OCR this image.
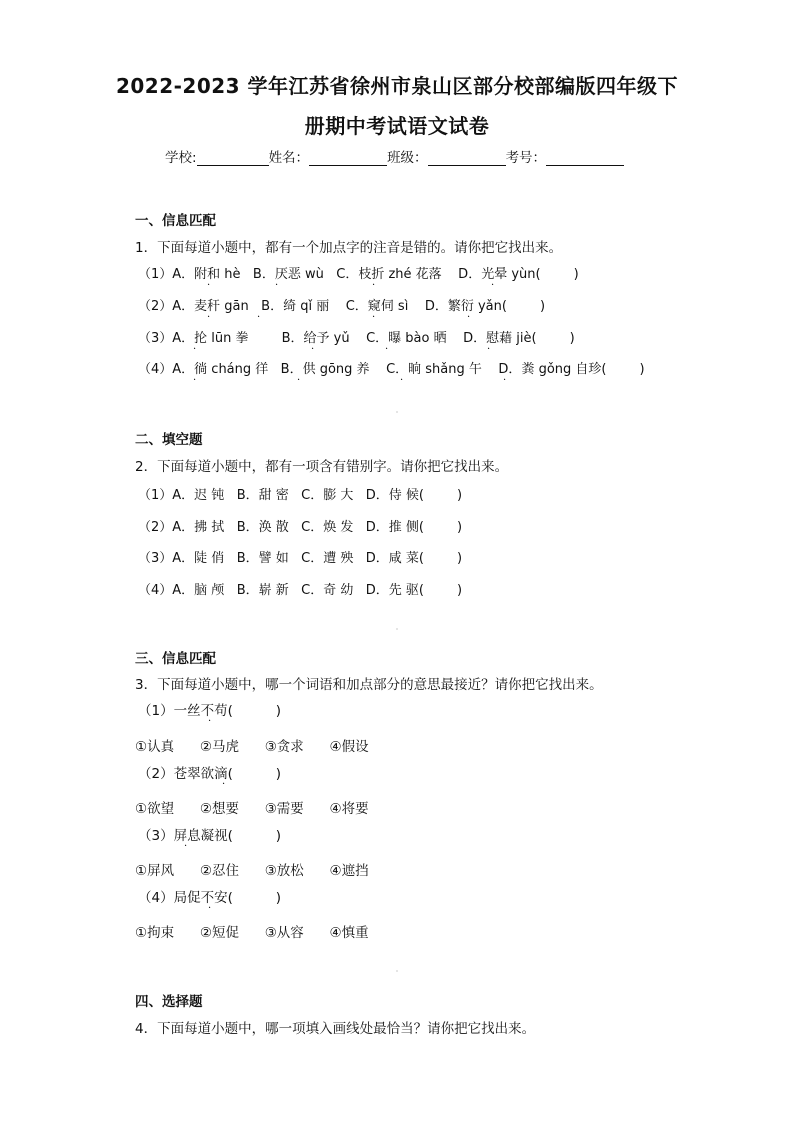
2022-2023 学年江苏省徐州市泉山区部分校部编版四年级下
册期中考试语文试卷
学校:	姓名：	班级：	考号：
一、信息匹配
1．下面每道小题中，都有一个加点字的注音是错的。请你把它找出来。
（1）A．附和 hè   B．厌恶 wù   C．枝折 zhé 花落    D．光晕 yùn(        )
（2）A．麦秆 gān   B．绮 qǐ 丽    C．窥伺 sì    D．繁衍 yǎn(        )
（3）A．抡 lūn 拳        B．给予 yǔ    C．曝 bào 晒    D．慰藉 jiè(        )
（4）A．徜 cháng 徉   B．供 gōng 养    C．晌 shǎng 午    D．粪 gǒng 自珍(        )
·	·	·	·
·	·	·	·
·	·	·	·
·	·	·	·
二、填空题
2．下面每道小题中，都有一项含有错别字。请你把它找出来。
（1）A．迟 钝   B．甜 密   C．膨 大   D．侍 候(        )
（2）A．拂 拭   B．涣 散   C．焕 发   D．推 侧(        )
（3）A．陡 俏   B．譬 如   C．遭 殃   D．咸 菜(        )
（4）A．脑 颅   B．崭 新   C．奇 幼   D．先 驱(        )
三、信息匹配
3．下面每道小题中，哪一个词语和加点部分的意思最接近？请你把它找出来。
（1）一丝不苟(          )
①认真      ②马虎      ③贪求      ④假设
（2）苍翠欲滴(          )
①欲望      ②想要      ③需要      ④将要
（3）屏息凝视(          )
①屏风      ②忍住      ③放松      ④遮挡
（4）局促不安(          )
①拘束      ②短促      ③从容      ④慎重
·
·
·
·
四、选择题
4．下面每道小题中，哪一项填入画线处最恰当？请你把它找出来。
